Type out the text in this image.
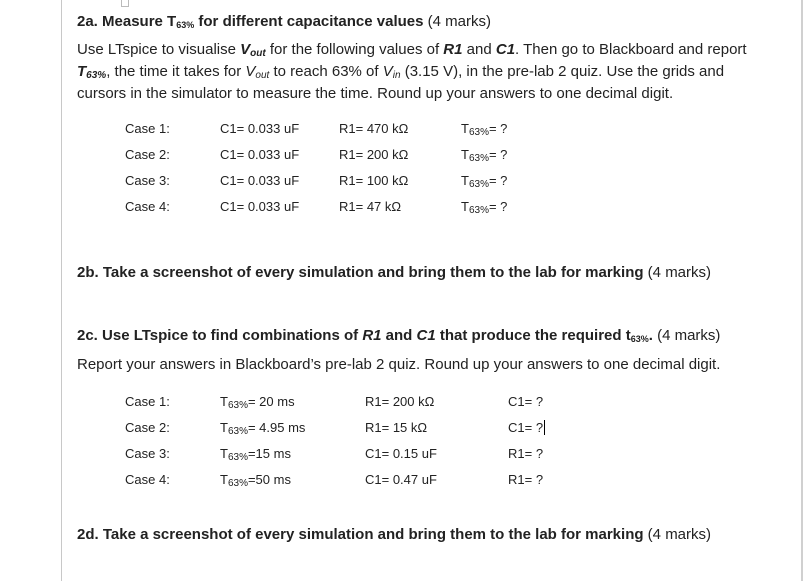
2a. Measure $T_{63\%}$ for different capacitance values (4 marks)
Use LTspice to visualise $V_{out}$ for the following values of R1 and C1. Then go to Blackboard and report
$T_{63\%}$, the time it takes for $V_{out}$ to reach 63% of $V_{in}$ (3.15 V), in the pre-lab 2 quiz. Use the grids and
cursors in the simulator to measure the time. Round up your answers to one decimal digit.
Case 1:	C1= 0.033 uF	R1= 470 kΩ	$T_{63\%}=$ ?
Case 2:	C1= 0.033 uF	R1= 200 kΩ	$T_{63\%}=$ ?
Case 3:	C1= 0.033 uF	R1= 100 kΩ	$T_{63\%}=$ ?
Case 4:	C1= 0.033 uF	R1= 47 kΩ	$T_{63\%}=$ ?
2b. Take a screenshot of every simulation and bring them to the lab for marking (4 marks)
2c. Use LTspice to find combinations of R1 and C1 that produce the required $t_{63\%}$. (4 marks)
Report your answers in Blackboard’s pre-lab 2 quiz. Round up your answers to one decimal digit.
Case 1:	$T_{63\%}= 20$ ms	R1= 200 kΩ	C1= ?
Case 2:	$T_{63\%}= 4.95$ ms	R1= 15 kΩ	C1= ?
Case 3:	$T_{63\%}=15$ ms	C1= 0.15 uF	R1= ?
Case 4:	$T_{63\%}=50$ ms	C1= 0.47 uF	R1= ?
2d. Take a screenshot of every simulation and bring them to the lab for marking (4 marks)
